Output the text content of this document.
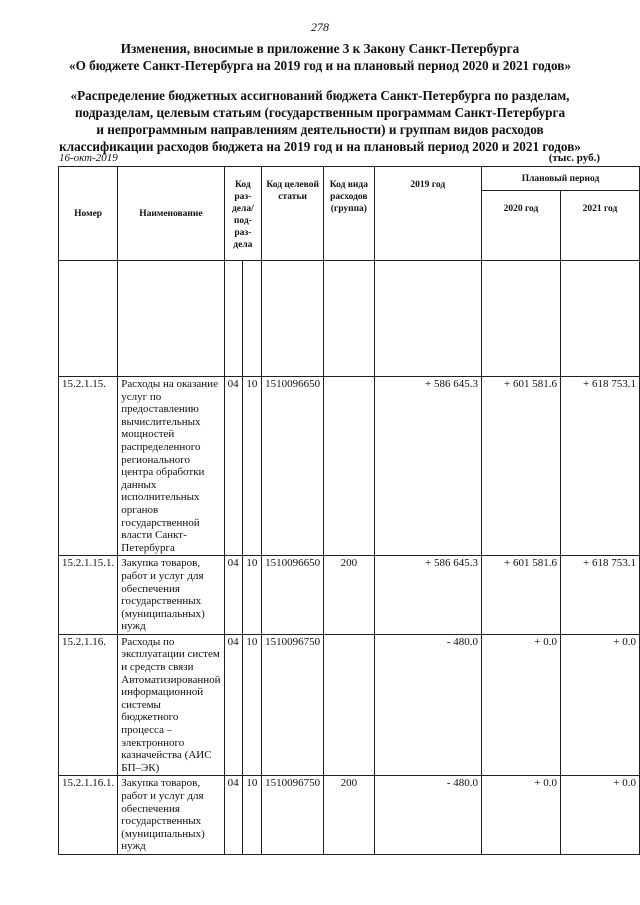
278
Изменения, вносимые в приложение 3 к Закону Санкт-Петербурга
«О бюджете Санкт-Петербурга на 2019 год и на плановый период 2020 и 2021 годов»
«Распределение бюджетных ассигнований бюджета Санкт-Петербурга по разделам,
подразделам, целевым статьям (государственным программам Санкт-Петербурга
и непрограммным направлениям деятельности) и группам видов расходов
классификации расходов бюджета на 2019 год и на плановый период 2020 и 2021 годов»
16-окт-2019	(тыс. руб.)
Номер	Наименование	Код раз-дела/ под-раз-дела		Код целевой статьи	Код вида расходов (группа)	2019 год	Плановый период	
							2020 год	2021 год

15.2.1.15.	Расходы на оказание услуг по предоставлению вычислительных мощностей распределенного регионального центра обработки данных исполнительных органов государственной власти Санкт-Петербурга	04	10	1510096650		+ 586 645.3	+ 601 581.6	+ 618 753.1
15.2.1.15.1.	Закупка товаров, работ и услуг для обеспечения государственных (муниципальных) нужд	04	10	1510096650	200	+ 586 645.3	+ 601 581.6	+ 618 753.1
15.2.1.16.	Расходы по эксплуатации систем и средств связи Автоматизированной информационной системы бюджетного процесса – электронного казначейства (АИС БП–ЭК)	04	10	1510096750		- 480.0	+ 0.0	+ 0.0
15.2.1.16.1.	Закупка товаров, работ и услуг для обеспечения государственных (муниципальных) нужд	04	10	1510096750	200	- 480.0	+ 0.0	+ 0.0
